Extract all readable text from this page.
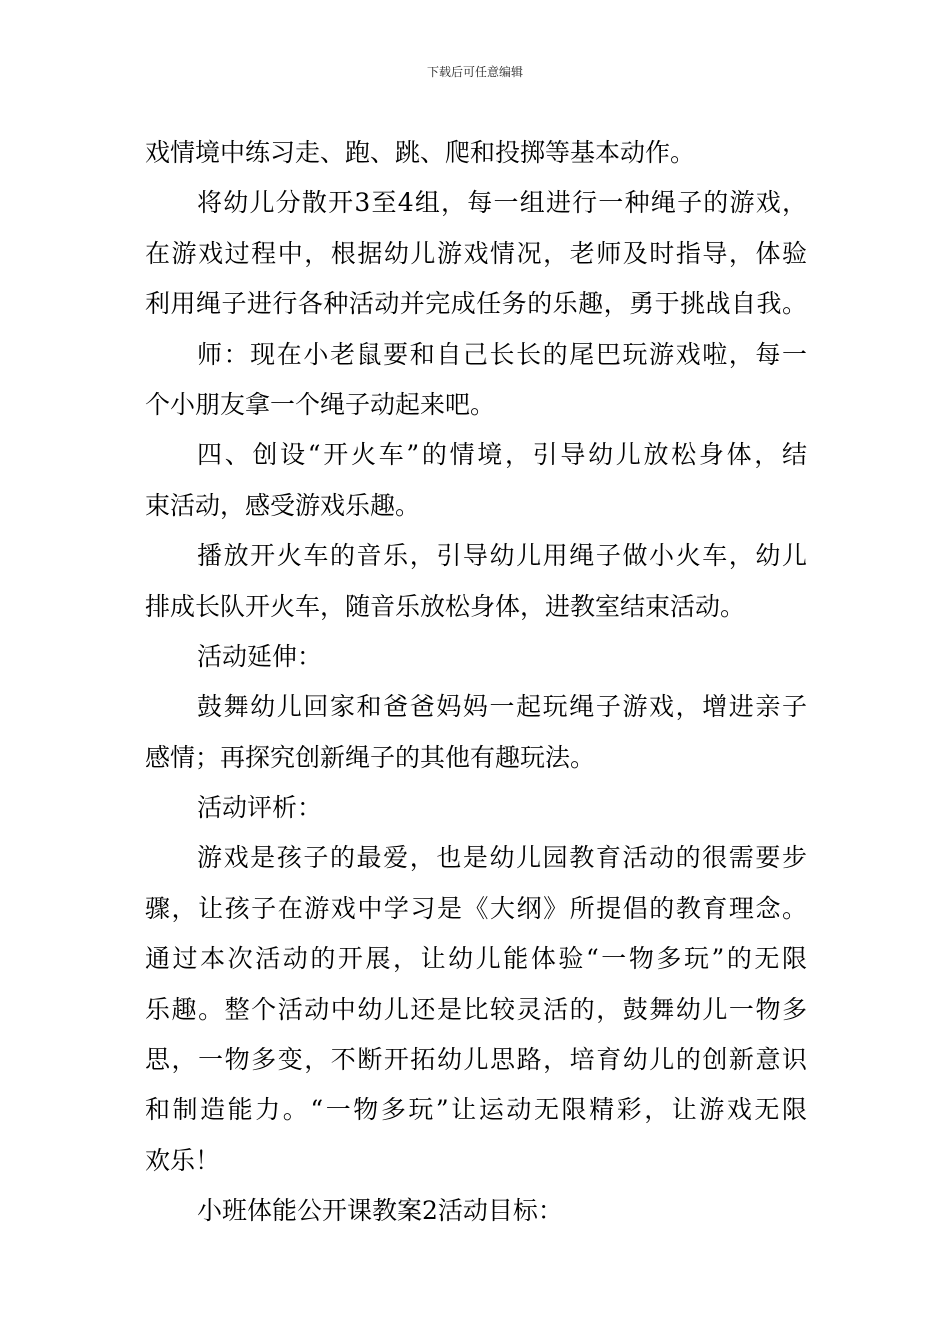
下载后可任意编辑
戏情境中练习走、跑、跳、爬和投掷等基本动作。
将幼儿分散开3至4组，每一组进行一种绳子的游戏，
在游戏过程中，根据幼儿游戏情况，老师及时指导，体验
利用绳子进行各种活动并完成任务的乐趣，勇于挑战自我。
师：现在小老鼠要和自己长长的尾巴玩游戏啦，每一
个小朋友拿一个绳子动起来吧。
四、创设“开火车”的情境，引导幼儿放松身体，结
束活动，感受游戏乐趣。
播放开火车的音乐，引导幼儿用绳子做小火车，幼儿
排成长队开火车，随音乐放松身体，进教室结束活动。
活动延伸：
鼓舞幼儿回家和爸爸妈妈一起玩绳子游戏，增进亲子
感情；再探究创新绳子的其他有趣玩法。
活动评析：
游戏是孩子的最爱，也是幼儿园教育活动的很需要步
骤，让孩子在游戏中学习是《大纲》所提倡的教育理念。
通过本次活动的开展，让幼儿能体验“一物多玩”的无限
乐趣。整个活动中幼儿还是比较灵活的，鼓舞幼儿一物多
思，一物多变，不断开拓幼儿思路，培育幼儿的创新意识
和制造能力。“一物多玩”让运动无限精彩，让游戏无限
欢乐！
小班体能公开课教案2活动目标：
